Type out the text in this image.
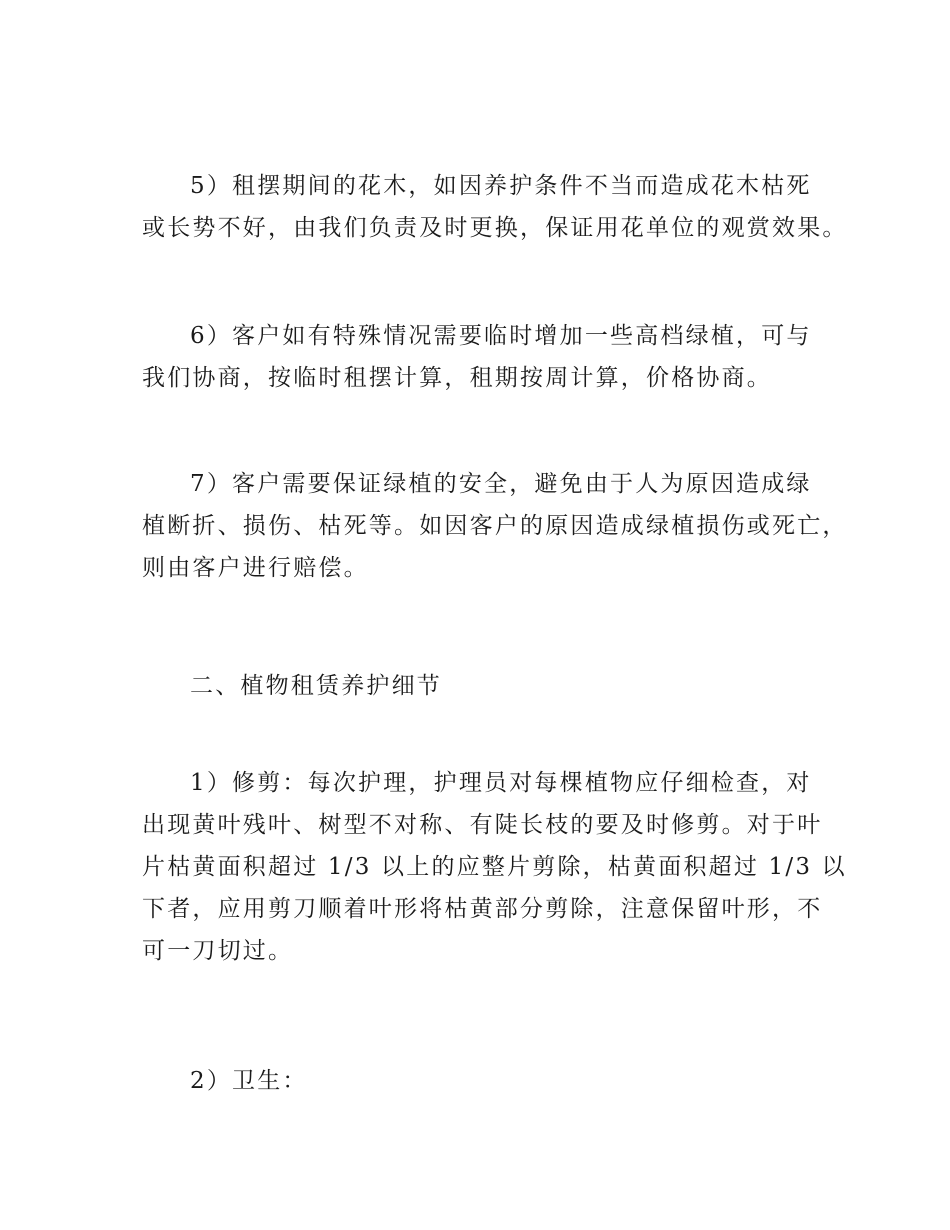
5）租摆期间的花木，如因养护条件不当而造成花木枯死
或长势不好，由我们负责及时更换，保证用花单位的观赏效果。

6）客户如有特殊情况需要临时增加一些高档绿植，可与
我们协商，按临时租摆计算，租期按周计算，价格协商。

7）客户需要保证绿植的安全，避免由于人为原因造成绿
植断折、损伤、枯死等。如因客户的原因造成绿植损伤或死亡，
则由客户进行赔偿。

二、植物租赁养护细节

1）修剪：每次护理，护理员对每棵植物应仔细检查，对
出现黄叶残叶、树型不对称、有陡长枝的要及时修剪。对于叶
片枯黄面积超过 1/3 以上的应整片剪除，枯黄面积超过 1/3 以
下者，应用剪刀顺着叶形将枯黄部分剪除，注意保留叶形，不
可一刀切过。

2）卫生：
